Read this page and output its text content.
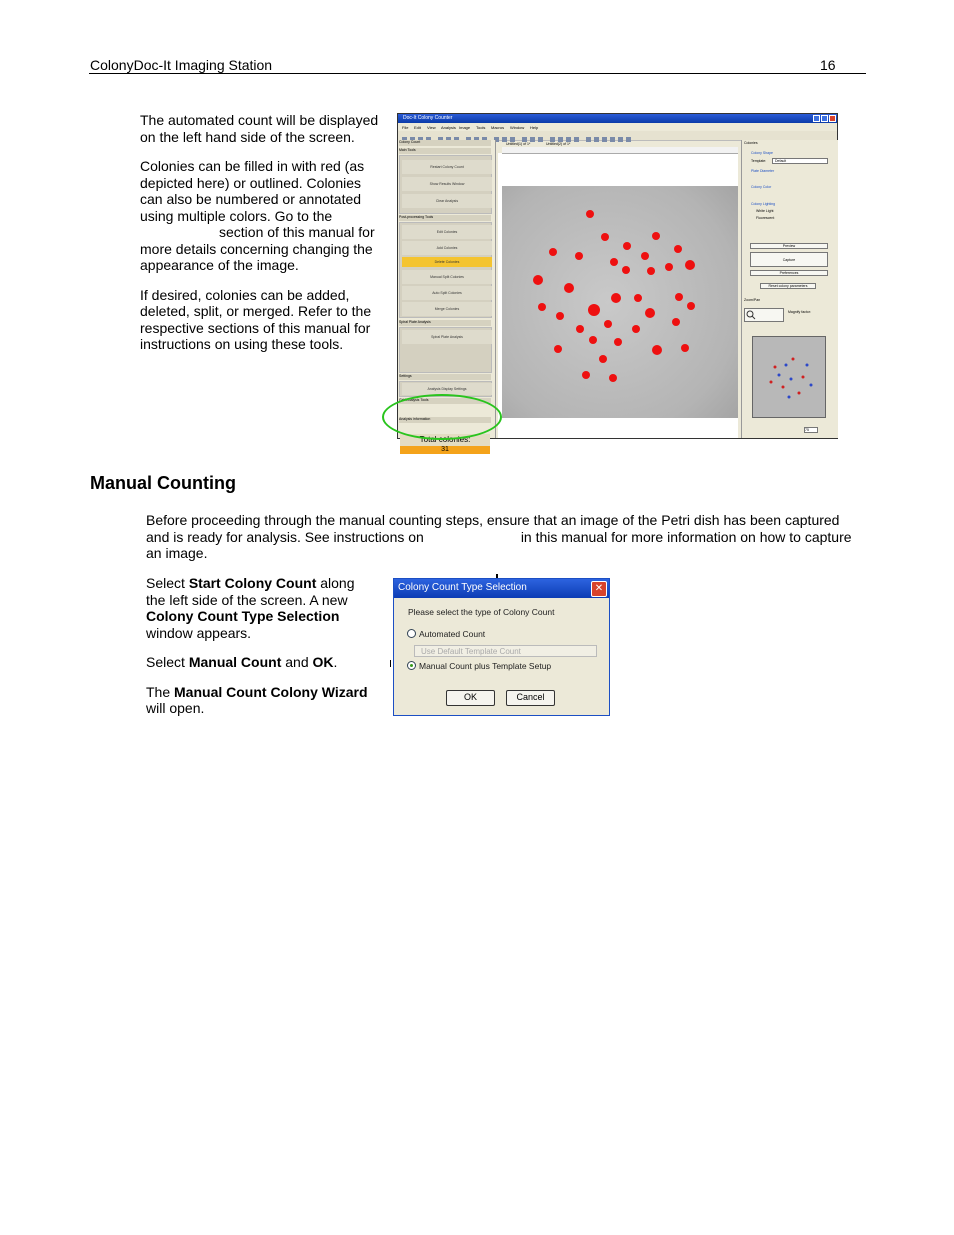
ColonyDoc-It Imaging Station	16

The automated count will be displayed on the left hand side of the screen.

Colonies can be filled in with red (as
depicted here) or outlined. Colonies
can also be numbered or annotated
using multiple colors. Go to the
section of this manual for
more details concerning changing the
appearance of the image.

If desired, colonies can be added, deleted, split, or merged. Refer to the respective sections of this manual for instructions on using these tools.

Doc-It Colony Counter
File Edit View Analysis Image Tools Macros Window Help
Colony Count
Main Tools
Restart Colony Count
Show Results Window
Clear Analysis
Post-processing Tools
Edit Colonies
Add Colonies
Delete Colonies
Manual Split Colonies
Auto Split Colonies
Merge Colonies
Spiral Plate Analysis
Spiral Plate Analysis
Settings
Analysis Display Settings
Grid Analysis Tools
Analysis information
Total colonies:
31
Untitled(1) of 1*	Untitled(2) of 1*	Colonies
Colony Shape
Template:	Default
Plate Diameter
Colony Color
Colony Lighting
White Light
Fluorescent
Preview
Capture
Preferences
Reset colony parameters
Zoom/Pan
Magnify factor:
75
Manual Counting
Before proceeding through the manual counting steps, ensure that an image of the Petri dish has been captured
and is ready for analysis. See instructions on	in this manual for more information on how to capture
an image.

Select Start Colony Count along
the left side of the screen. A new
Colony Count Type Selection
window appears.

Select Manual Count and OK.

The Manual Count Colony Wizard
will open.

Colony Count Type Selection	✕
Please select the type of Colony Count
Automated Count
Use Default Template Count
Manual Count plus Template Setup
OK	Cancel
